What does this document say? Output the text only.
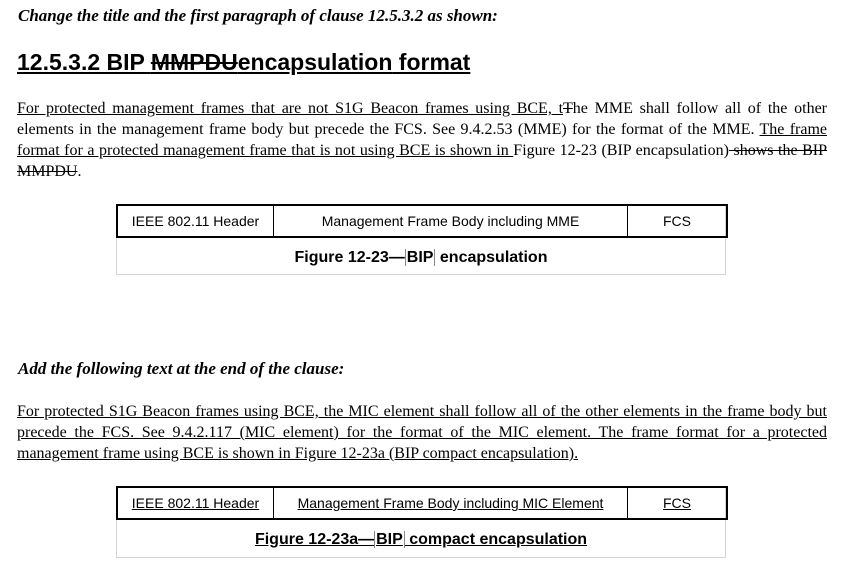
Change the title and the first paragraph of clause 12.5.3.2 as shown:
12.5.3.2 BIP MMPDUencapsulation format
For protected management frames that are not S1G Beacon frames using BCE, tThe MME shall follow all of the other elements in the management frame body but precede the FCS. See 9.4.2.53 (MME) for the format of the MME. The frame format for a protected management frame that is not using BCE is shown in Figure 12-23 (BIP encapsulation) shows the BIP MMPDU.
IEEE 802.11 Header	Management Frame Body including MME	FCS
Figure 12-23— BIP encapsulation
Add the following text at the end of the clause:
For protected S1G Beacon frames using BCE, the MIC element shall follow all of the other elements in the frame body but precede the FCS. See 9.4.2.117 (MIC element) for the format of the MIC element. The frame format for a protected management frame using BCE is shown in Figure 12-23a (BIP compact encapsulation).
IEEE 802.11 Header	Management Frame Body including MIC Element	FCS
Figure 12-23a— BIP compact encapsulation
